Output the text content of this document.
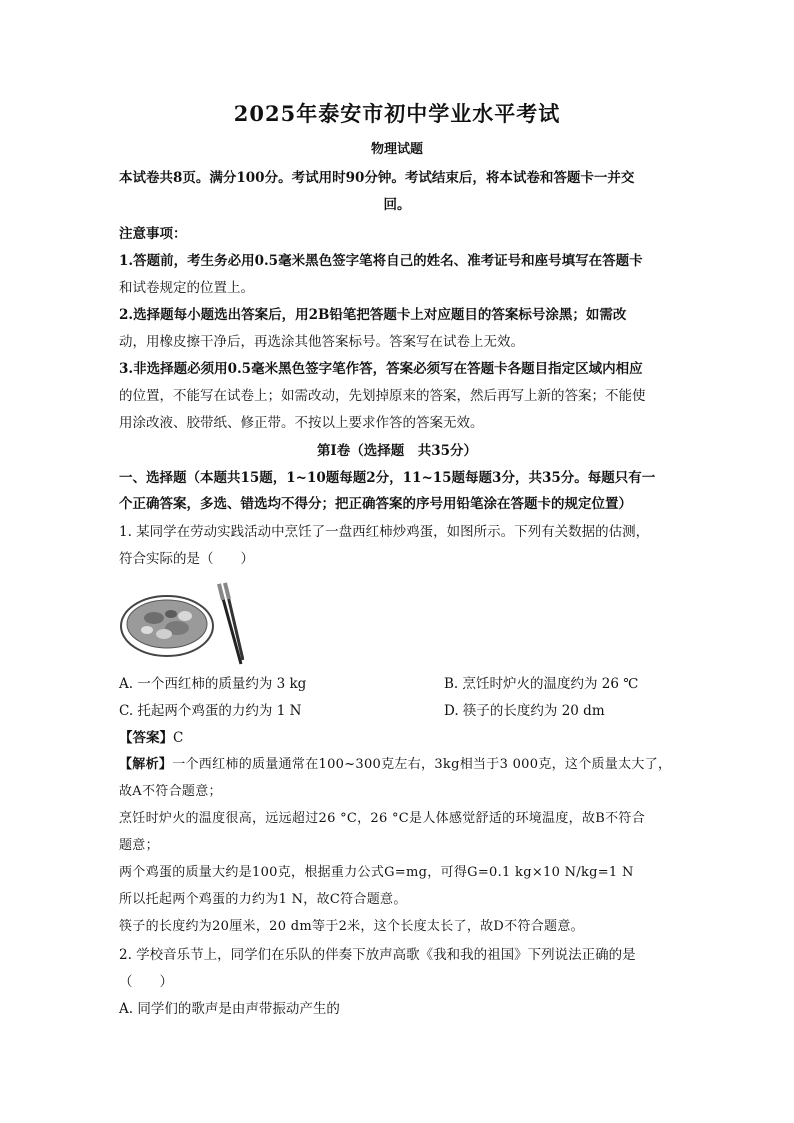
2025年泰安市初中学业水平考试
物理试题
本试卷共8页。满分100分。考试用时90分钟。考试结束后，将本试卷和答题卡一并交
回。
注意事项：
1.答题前，考生务必用0.5毫米黑色签字笔将自己的姓名、准考证号和座号填写在答题卡
和试卷规定的位置上。
2.选择题每小题选出答案后，用2B铅笔把答题卡上对应题目的答案标号涂黑；如需改
动，用橡皮擦干净后，再选涂其他答案标号。答案写在试卷上无效。
3.非选择题必须用0.5毫米黑色签字笔作答，答案必须写在答题卡各题目指定区域内相应
的位置，不能写在试卷上；如需改动，先划掉原来的答案，然后再写上新的答案；不能使
用涂改液、胶带纸、修正带。不按以上要求作答的答案无效。
第Ⅰ卷（选择题　共35分）
一、选择题（本题共15题，1~10题每题2分，11~15题每题3分，共35分。每题只有一
个正确答案，多选、错选均不得分；把正确答案的序号用铅笔涂在答题卡的规定位置）
1. 某同学在劳动实践活动中烹饪了一盘西红柿炒鸡蛋，如图所示。下列有关数据的估测，
符合实际的是（　　）
A. 一个西红柿的质量约为 3 kg	B. 烹饪时炉火的温度约为 26 ℃
C. 托起两个鸡蛋的力约为 1 N	D. 筷子的长度约为 20 dm
【答案】C
【解析】一个西红柿的质量通常在100~300克左右，3kg相当于3 000克，这个质量太大了，
故A不符合题意；
烹饪时炉火的温度很高，远远超过26 °C，26 °C是人体感觉舒适的环境温度，故B不符合
题意；
两个鸡蛋的质量大约是100克，根据重力公式G=mg，可得G=0.1 kg×10 N/kg=1 N
所以托起两个鸡蛋的力约为1 N，故C符合题意。
筷子的长度约为20厘米，20 dm等于2米，这个长度太长了，故D不符合题意。
2. 学校音乐节上，同学们在乐队的伴奏下放声高歌《我和我的祖国》下列说法正确的是
（　　）
A. 同学们的歌声是由声带振动产生的
